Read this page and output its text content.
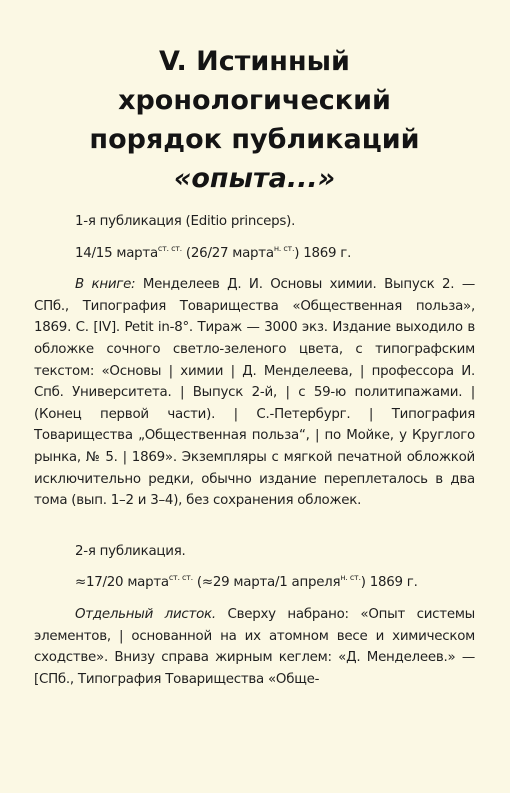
V. Истинный
хронологический
порядок публикаций
«опыта...»

1-я публикация (Editio princeps).

14/15 марта$^{ст. ст.}$ (26/27 марта$^{н. ст.}$) 1869 г.

В книге: Менделеев Д. И. Основы химии. Выпуск 2. — СПб., Типография Товарищества «Общественная польза», 1869. С. [IV]. Petit in-8°. Тираж — 3000 экз. Издание выходило в обложке сочного светло-зеленого цвета, с типографским текстом: «Основы | химии | Д. Менделеева, | профессора И. Спб. Университета. | Выпуск 2-й, | с 59-ю политипажами. | (Конец первой части). | С.-Петербург. | Типография Товарищества „Общественная польза“, | по Мойке, у Круглого рынка, № 5. | 1869». Экземпляры с мягкой печатной обложкой исключительно редки, обычно издание переплеталось в два тома (вып. 1–2 и 3–4), без сохранения обложек.

2-я публикация.

≈17/20 марта$^{ст. ст.}$ (≈29 марта/1 апреля$^{н. ст.}$) 1869 г.

Отдельный листок. Сверху набрано: «Опыт системы элементов, | основанной на их атомном весе и химическом сходстве». Внизу справа жирным кеглем: «Д. Менделеев.» — [СПб., Типография Товарищества «Обще-
